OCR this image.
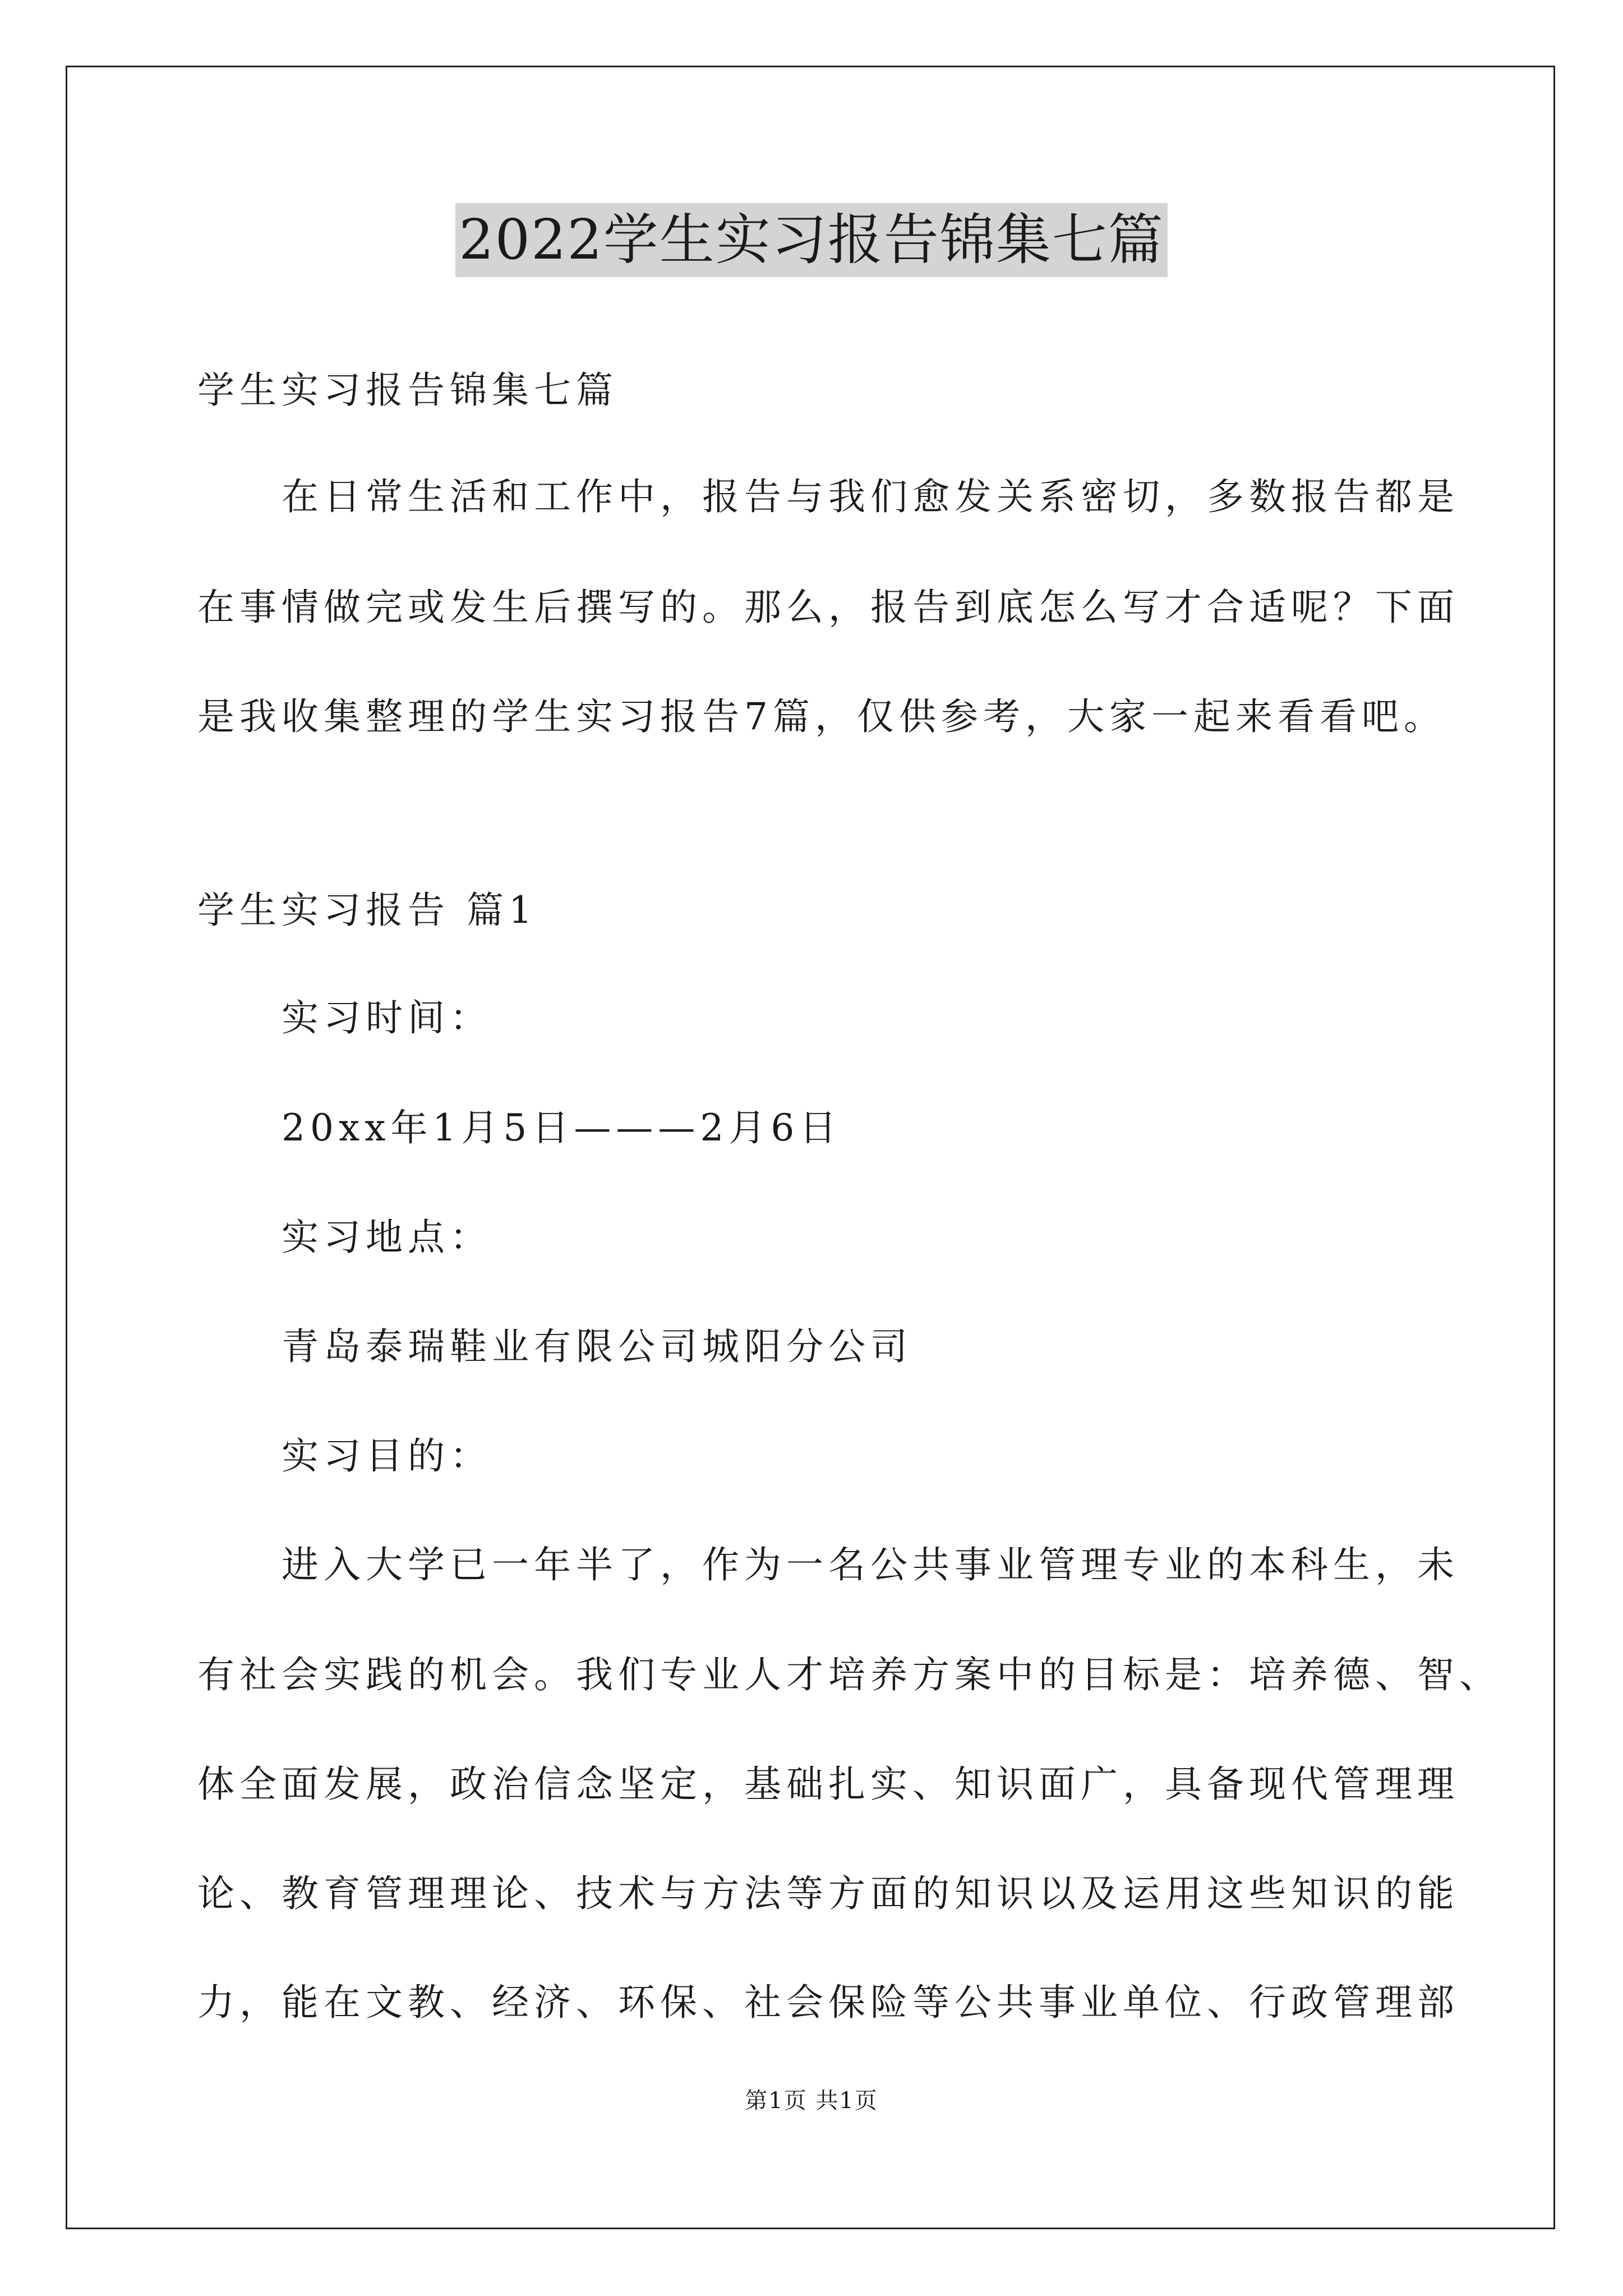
2022学生实习报告锦集七篇
学生实习报告锦集七篇
在日常生活和工作中，报告与我们愈发关系密切，多数报告都是
在事情做完或发生后撰写的。那么，报告到底怎么写才合适呢？下面
是我收集整理的学生实习报告7篇，仅供参考，大家一起来看看吧。
学生实习报告 篇1
实习时间：
20xx年1月5日———2月6日
实习地点：
青岛泰瑞鞋业有限公司城阳分公司
实习目的：
进入大学已一年半了，作为一名公共事业管理专业的本科生，未
有社会实践的机会。我们专业人才培养方案中的目标是：培养德、智、
体全面发展，政治信念坚定，基础扎实、知识面广，具备现代管理理
论、教育管理理论、技术与方法等方面的知识以及运用这些知识的能
力，能在文教、经济、环保、社会保险等公共事业单位、行政管理部
第1页 共1页
